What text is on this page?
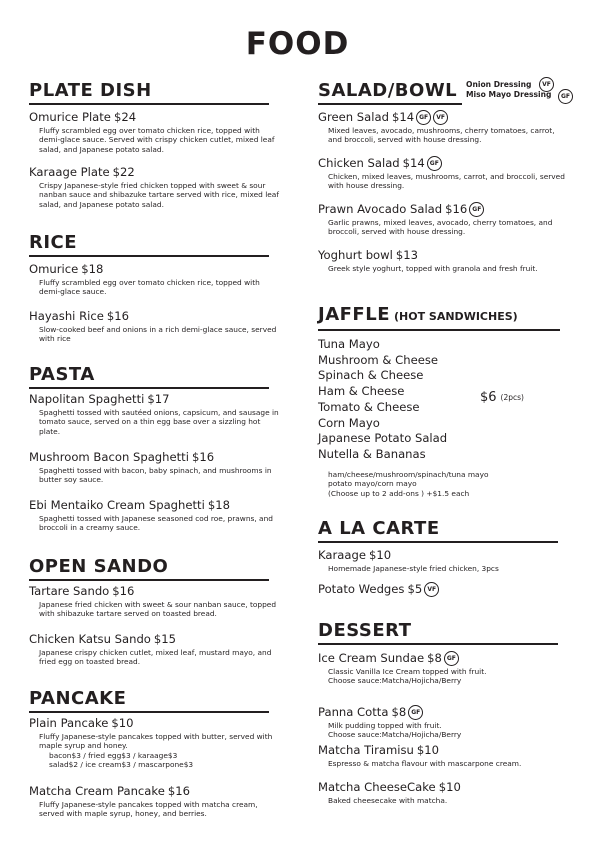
FOOD
PLATE DISH
Omurice Plate $24
Fluffy scrambled egg over tomato chicken rice, topped with demi-glace sauce. Served with crispy chicken cutlet, mixed leaf salad, and Japanese potato salad.
Karaage Plate $22
Crispy Japanese-style fried chicken topped with sweet & sour nanban sauce and shibazuke tartare served with rice, mixed leaf salad, and Japanese potato salad.
RICE
Omurice $18
Fluffy scrambled egg over tomato chicken rice, topped with demi-glace sauce.
Hayashi Rice $16
Slow-cooked beef and onions in a rich demi-glace sauce, served with rice
PASTA
Napolitan Spaghetti $17
Spaghetti tossed with sautéed onions, capsicum, and sausage in tomato sauce, served on a thin egg base over a sizzling hot plate.
Mushroom Bacon Spaghetti $16
Spaghetti tossed with bacon, baby spinach, and mushrooms in butter soy sauce.
Ebi Mentaiko Cream Spaghetti $18
Spaghetti tossed with Japanese seasoned cod roe, prawns, and broccoli in a creamy sauce.
OPEN SANDO
Tartare Sando $16
Japanese fried chicken with sweet & sour nanban sauce, topped with shibazuke tartare served on toasted bread.
Chicken Katsu Sando $15
Japanese crispy chicken cutlet, mixed leaf, mustard mayo, and fried egg on toasted bread.
PANCAKE
Plain Pancake $10
Fluffy Japanese-style pancakes topped with butter, served with maple syrup and honey.
bacon$3 / fried egg$3 / karaage$3
salad$2 / ice cream$3 / mascarpone$3
Matcha Cream Pancake $16
Fluffy Japanese-style pancakes topped with matcha cream, served with maple syrup, honey, and berries.
SALAD/BOWL
Green Salad $14 GF VF
Mixed leaves, avocado, mushrooms, cherry tomatoes, carrot, and broccoli, served with house dressing.
Chicken Salad $14 GF
Chicken, mixed leaves, mushrooms, carrot, and broccoli, served with house dressing.
Prawn Avocado Salad $16 GF
Garlic prawns, mixed leaves, avocado, cherry tomatoes, and broccoli, served with house dressing.
Yoghurt bowl $13
Greek style yoghurt, topped with granola and fresh fruit.
Onion Dressing	VF
Miso Mayo Dressing	GF
JAFFLE (HOT SANDWICHES)
Tuna Mayo
Mushroom & Cheese
Spinach & Cheese
Ham & Cheese
Tomato & Cheese
Corn Mayo
Japanese Potato Salad
Nutella & Bananas
$6 (2pcs)
ham/cheese/mushroom/spinach/tuna mayo
potato mayo/corn mayo
(Choose up to 2 add-ons ) +$1.5 each
A LA CARTE
Karaage $10
Homemade Japanese-style fried chicken, 3pcs
Potato Wedges $5 VF
DESSERT
Ice Cream Sundae $8 GF
Classic Vanilla Ice Cream topped with fruit.
Choose sauce:Matcha/Hojicha/Berry
Panna Cotta $8 GF
Milk pudding topped with fruit.
Choose sauce:Matcha/Hojicha/Berry
Matcha Tiramisu $10
Espresso & matcha flavour with mascarpone cream.
Matcha CheeseCake $10
Baked cheesecake with matcha.
